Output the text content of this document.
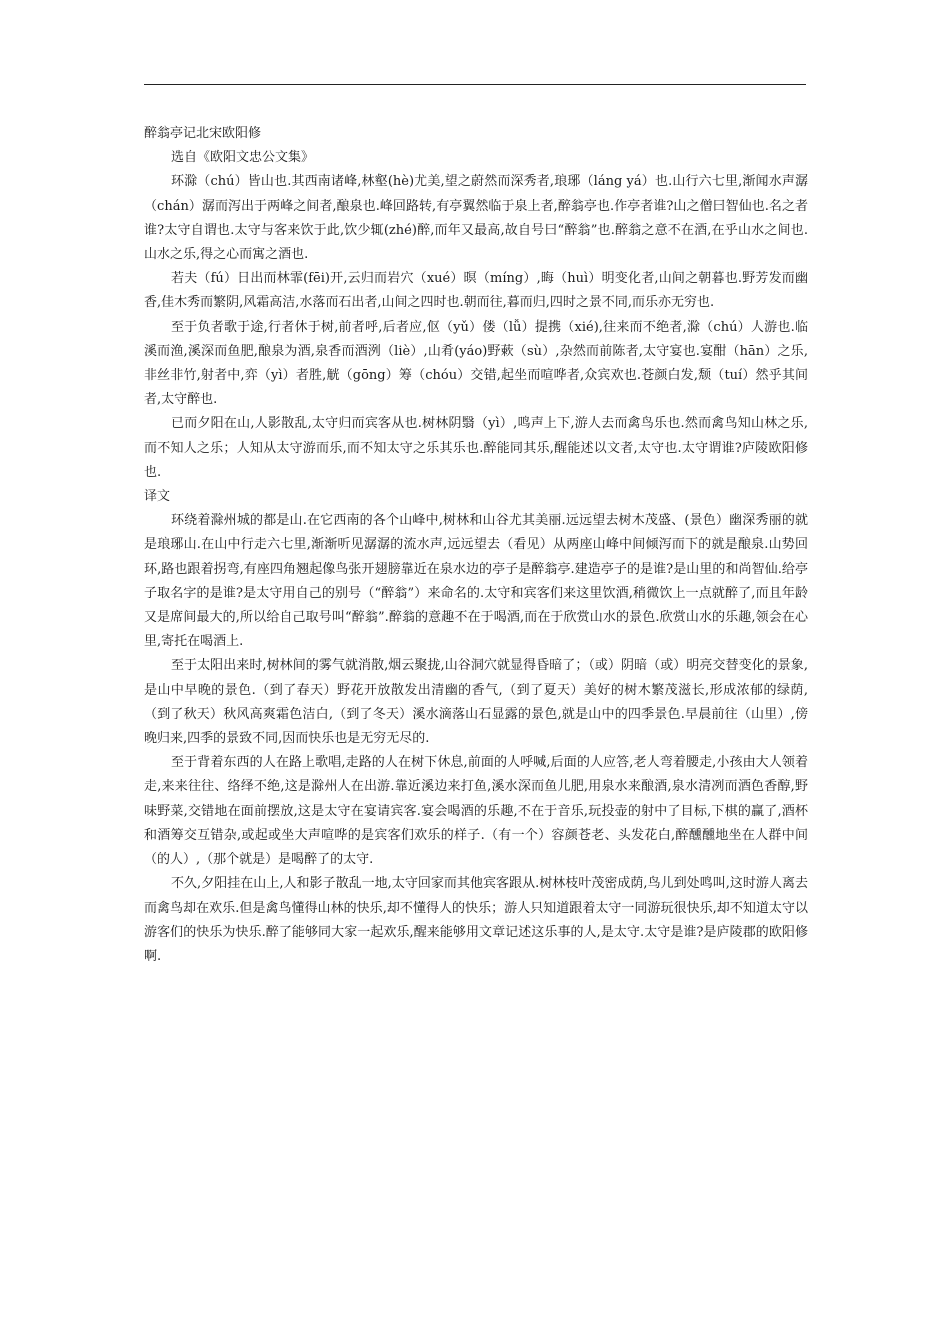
醉翁亭记北宋欧阳修

选自《欧阳文忠公文集》

环滁（chú）皆山也.其西南诸峰,林壑(hè)尤美,望之蔚然而深秀者,琅琊（láng yá）也.山行六七里,渐闻水声潺（chán）潺而泻出于两峰之间者,酿泉也.峰回路转,有亭翼然临于泉上者,醉翁亭也.作亭者谁?山之僧曰智仙也.名之者谁?太守自谓也.太守与客来饮于此,饮少辄(zhé)醉,而年又最高,故自号曰“醉翁”也.醉翁之意不在酒,在乎山水之间也.山水之乐,得之心而寓之酒也.

若夫（fú）日出而林霏(fēi)开,云归而岩穴（xué）暝（míng）,晦（huì）明变化者,山间之朝暮也.野芳发而幽香,佳木秀而繁阴,风霜高洁,水落而石出者,山间之四时也.朝而往,暮而归,四时之景不同,而乐亦无穷也.

至于负者歌于途,行者休于树,前者呼,后者应,伛（yǔ）偻（lǚ）提携（xié),往来而不绝者,滁（chú）人游也.临溪而渔,溪深而鱼肥,酿泉为酒,泉香而酒洌（liè）,山肴(yáo)野蔌（sù）,杂然而前陈者,太守宴也.宴酣（hān）之乐,非丝非竹,射者中,弈（yì）者胜,觥（gōng）筹（chóu）交错,起坐而喧哗者,众宾欢也.苍颜白发,颓（tuí）然乎其间者,太守醉也.

已而夕阳在山,人影散乱,太守归而宾客从也.树林阴翳（yì）,鸣声上下,游人去而禽鸟乐也.然而禽鸟知山林之乐,而不知人之乐；人知从太守游而乐,而不知太守之乐其乐也.醉能同其乐,醒能述以文者,太守也.太守谓谁?庐陵欧阳修也.

译文

环绕着滁州城的都是山.在它西南的各个山峰中,树林和山谷尤其美丽.远远望去树木茂盛、(景色）幽深秀丽的就是琅琊山.在山中行走六七里,渐渐听见潺潺的流水声,远远望去（看见）从两座山峰中间倾泻而下的就是酿泉.山势回环,路也跟着拐弯,有座四角翘起像鸟张开翅膀靠近在泉水边的亭子是醉翁亭.建造亭子的是谁?是山里的和尚智仙.给亭子取名字的是谁?是太守用自己的别号（“醉翁”）来命名的.太守和宾客们来这里饮酒,稍微饮上一点就醉了,而且年龄又是席间最大的,所以给自己取号叫“醉翁”.醉翁的意趣不在于喝酒,而在于欣赏山水的景色.欣赏山水的乐趣,领会在心里,寄托在喝酒上.

至于太阳出来时,树林间的雾气就消散,烟云聚拢,山谷洞穴就显得昏暗了；（或）阴暗（或）明亮交替变化的景象,是山中早晚的景色.（到了春天）野花开放散发出清幽的香气,（到了夏天）美好的树木繁茂滋长,形成浓郁的绿荫,（到了秋天）秋风高爽霜色洁白,（到了冬天）溪水滴落山石显露的景色,就是山中的四季景色.早晨前往（山里）,傍晚归来,四季的景致不同,因而快乐也是无穷无尽的.

至于背着东西的人在路上歌唱,走路的人在树下休息,前面的人呼喊,后面的人应答,老人弯着腰走,小孩由大人领着走,来来往往、络绎不绝,这是滁州人在出游.靠近溪边来打鱼,溪水深而鱼儿肥,用泉水来酿酒,泉水清冽而酒色香醇,野味野菜,交错地在面前摆放,这是太守在宴请宾客.宴会喝酒的乐趣,不在于音乐,玩投壶的射中了目标,下棋的赢了,酒杯和酒筹交互错杂,或起或坐大声喧哗的是宾客们欢乐的样子.（有一个）容颜苍老、头发花白,醉醺醺地坐在人群中间（的人）,（那个就是）是喝醉了的太守.

不久,夕阳挂在山上,人和影子散乱一地,太守回家而其他宾客跟从.树林枝叶茂密成荫,鸟儿到处鸣叫,这时游人离去而禽鸟却在欢乐.但是禽鸟懂得山林的快乐,却不懂得人的快乐；游人只知道跟着太守一同游玩很快乐,却不知道太守以游客们的快乐为快乐.醉了能够同大家一起欢乐,醒来能够用文章记述这乐事的人,是太守.太守是谁?是庐陵郡的欧阳修啊.
